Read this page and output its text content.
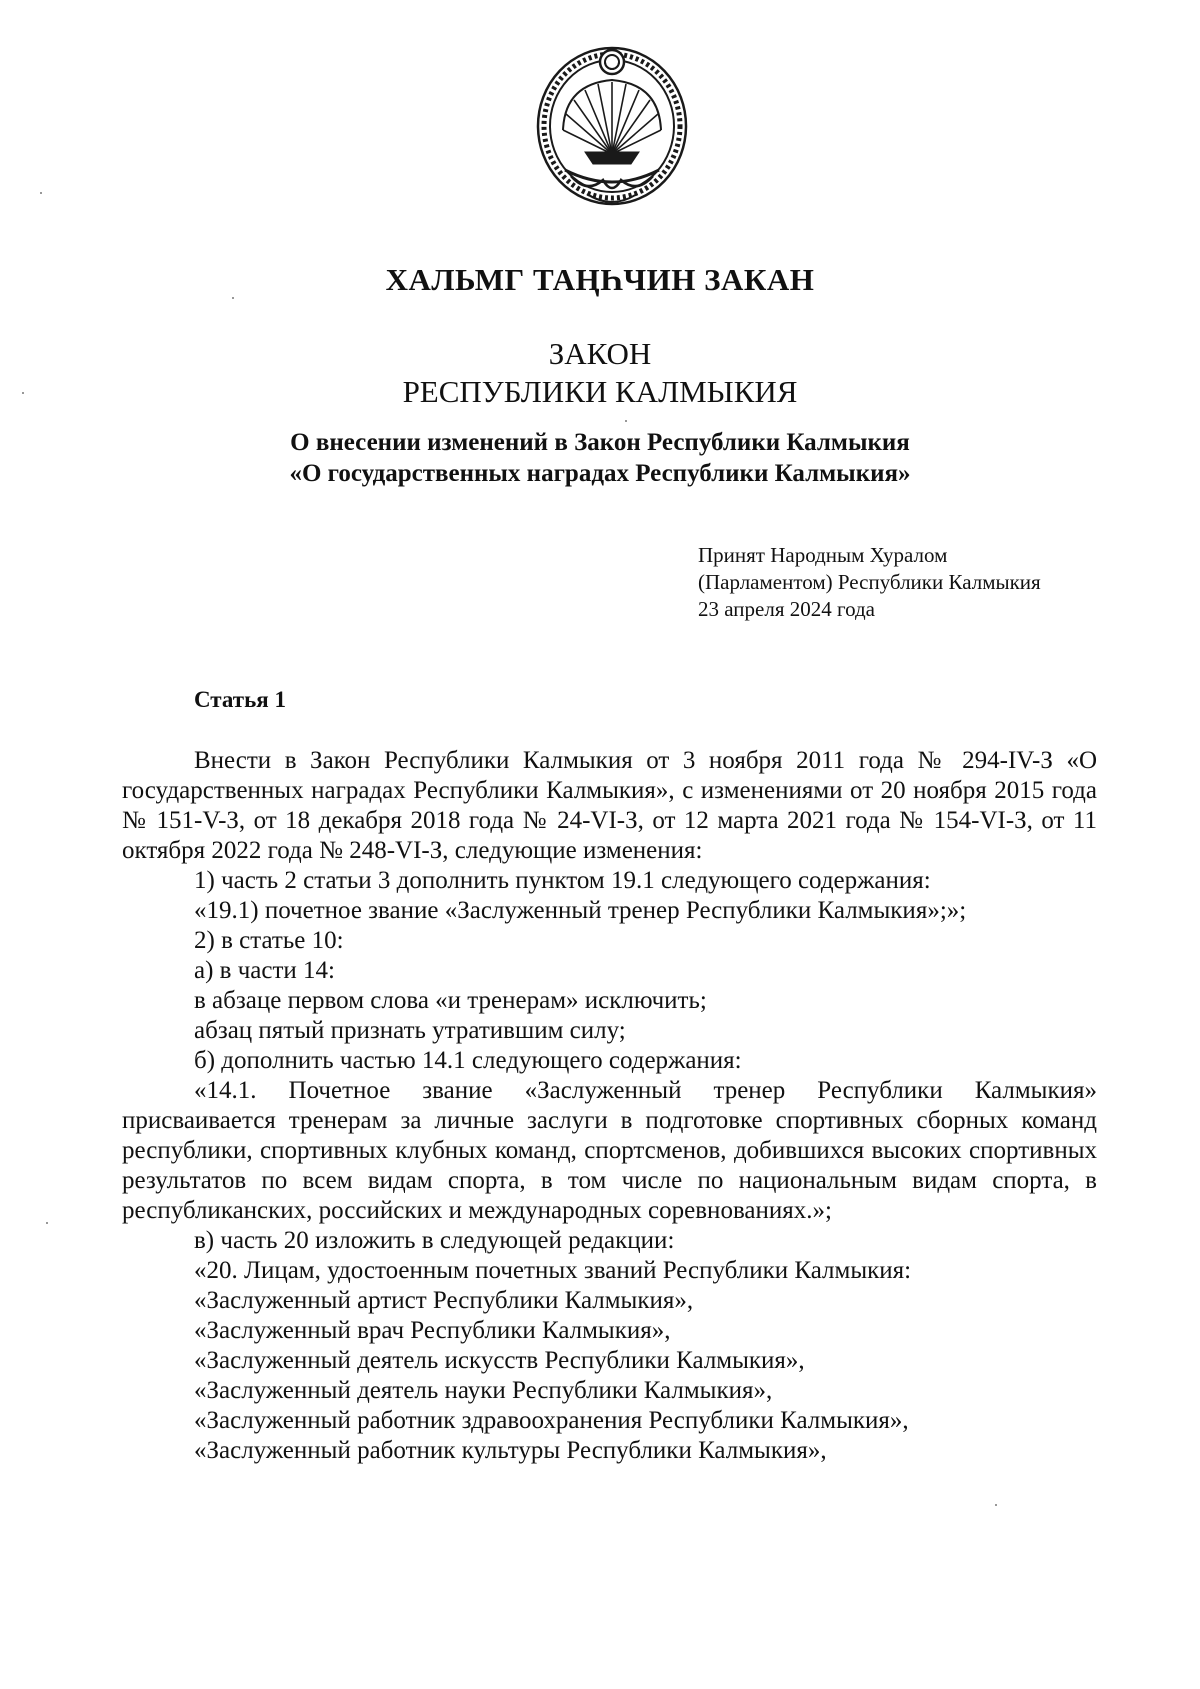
ХАЛЬМГ ТАҢҺЧИН ЗАКАН
ЗАКОН
РЕСПУБЛИКИ КАЛМЫКИЯ
О внесении изменений в Закон Республики Калмыкия
«О государственных наградах Республики Калмыкия»
Принят Народным Хуралом
(Парламентом) Республики Калмыкия
23 апреля 2024 года
Статья 1

Внести в Закон Республики Калмыкия от 3 ноября 2011 года № 294-IV-З «О государственных наградах Республики Калмыкия», с изменениями от 20 ноября 2015 года № 151-V-З, от 18 декабря 2018 года № 24-VI-З, от 12 марта 2021 года № 154-VI-З, от 11 октября 2022 года № 248-VI-З, следующие изменения:

1) часть 2 статьи 3 дополнить пунктом 19.1 следующего содержания:

«19.1) почетное звание «Заслуженный тренер Республики Калмыкия»;»;

2) в статье 10:

а) в части 14:

в абзаце первом слова «и тренерам» исключить;

абзац пятый признать утратившим силу;

б) дополнить частью 14.1 следующего содержания:

«14.1. Почетное звание «Заслуженный тренер Республики Калмыкия» присваивается тренерам за личные заслуги в подготовке спортивных сборных команд республики, спортивных клубных команд, спортсменов, добившихся высоких спортивных результатов по всем видам спорта, в том числе по национальным видам спорта, в республиканских, российских и международных соревнованиях.»;

в) часть 20 изложить в следующей редакции:

«20. Лицам, удостоенным почетных званий Республики Калмыкия:

«Заслуженный артист Республики Калмыкия»,

«Заслуженный врач Республики Калмыкия»,

«Заслуженный деятель искусств Республики Калмыкия»,

«Заслуженный деятель науки Республики Калмыкия»,

«Заслуженный работник здравоохранения Республики Калмыкия»,

«Заслуженный работник культуры Республики Калмыкия»,
